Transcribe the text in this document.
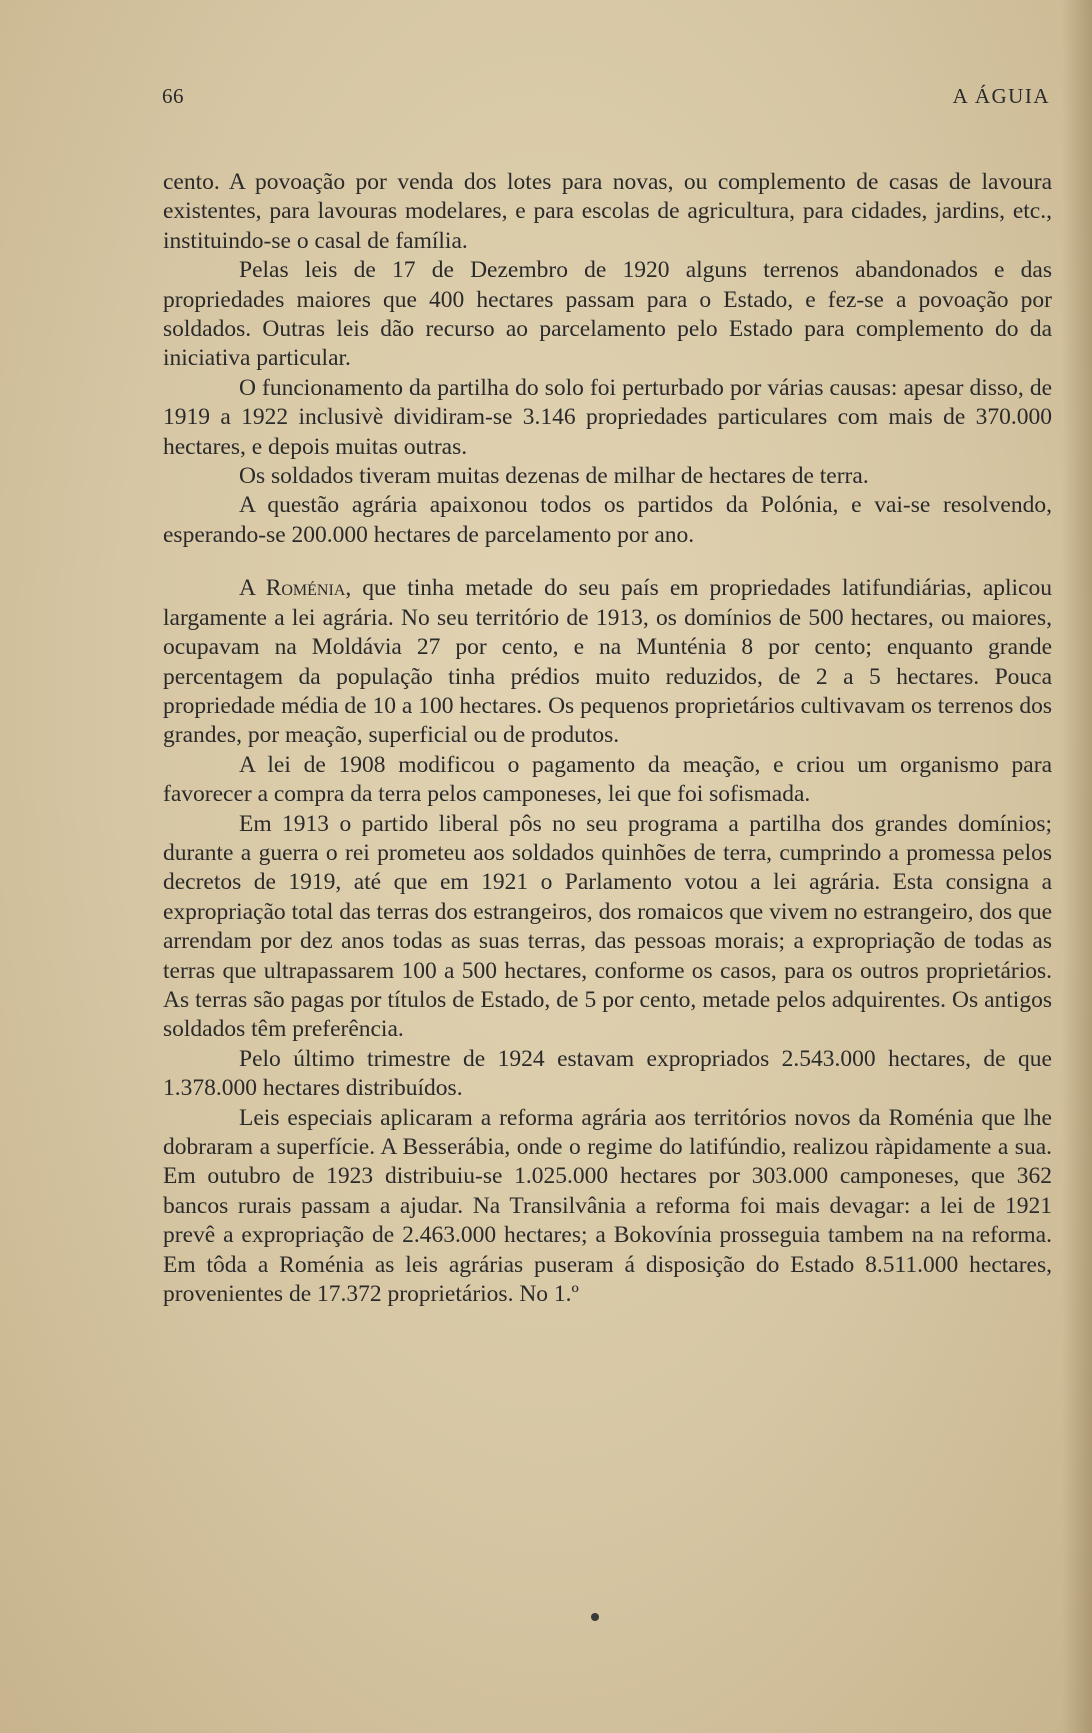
66	A ÁGUIA

cento. A povoação por venda dos lotes para novas, ou complemento de casas de lavoura existentes, para lavouras modelares, e para escolas de agricultura, para cidades, jardins, etc., instituindo-se o casal de família.

Pelas leis de 17 de Dezembro de 1920 alguns terrenos abandonados e das propriedades maiores que 400 hectares passam para o Estado, e fez-se a povoação por soldados. Outras leis dão recurso ao parcelamento pelo Estado para complemento do da iniciativa particular.

O funcionamento da partilha do solo foi perturbado por várias causas: apesar disso, de 1919 a 1922 inclusivè dividiram-se 3.146 propriedades particulares com mais de 370.000 hectares, e depois muitas outras.

Os soldados tiveram muitas dezenas de milhar de hectares de terra.

A questão agrária apaixonou todos os partidos da Polónia, e vai-se resolvendo, esperando-se 200.000 hectares de parcelamento por ano.

A Roménia, que tinha metade do seu país em propriedades latifundiárias, aplicou largamente a lei agrária. No seu território de 1913, os domínios de 500 hectares, ou maiores, ocupavam na Moldávia 27 por cento, e na Munténia 8 por cento; enquanto grande percentagem da população tinha prédios muito reduzidos, de 2 a 5 hectares. Pouca propriedade média de 10 a 100 hectares. Os pequenos proprietários cultivavam os terrenos dos grandes, por meação, superficial ou de produtos.

A lei de 1908 modificou o pagamento da meação, e criou um organismo para favorecer a compra da terra pelos camponeses, lei que foi sofismada.

Em 1913 o partido liberal pôs no seu programa a partilha dos grandes domínios; durante a guerra o rei prometeu aos soldados quinhões de terra, cumprindo a promessa pelos decretos de 1919, até que em 1921 o Parlamento votou a lei agrária. Esta consigna a expropriação total das terras dos estrangeiros, dos romaicos que vivem no estrangeiro, dos que arrendam por dez anos todas as suas terras, das pessoas morais; a expropriação de todas as terras que ultrapassarem 100 a 500 hectares, conforme os casos, para os outros proprietários. As terras são pagas por títulos de Estado, de 5 por cento, metade pelos adquirentes. Os antigos soldados têm preferência.

Pelo último trimestre de 1924 estavam expropriados 2.543.000 hectares, de que 1.378.000 hectares distribuídos.

Leis especiais aplicaram a reforma agrária aos territórios novos da Roménia que lhe dobraram a superfície. A Besserábia, onde o regime do latifúndio, realizou ràpidamente a sua. Em outubro de 1923 distribuiu-se 1.025.000 hectares por 303.000 camponeses, que 362 bancos rurais passam a ajudar. Na Transilvânia a reforma foi mais devagar: a lei de 1921 prevê a expropriação de 2.463.000 hectares; a Bokovínia prosseguia tambem na na reforma. Em tôda a Roménia as leis agrárias puseram á disposição do Estado 8.511.000 hectares, provenientes de 17.372 proprietários. No 1.º
